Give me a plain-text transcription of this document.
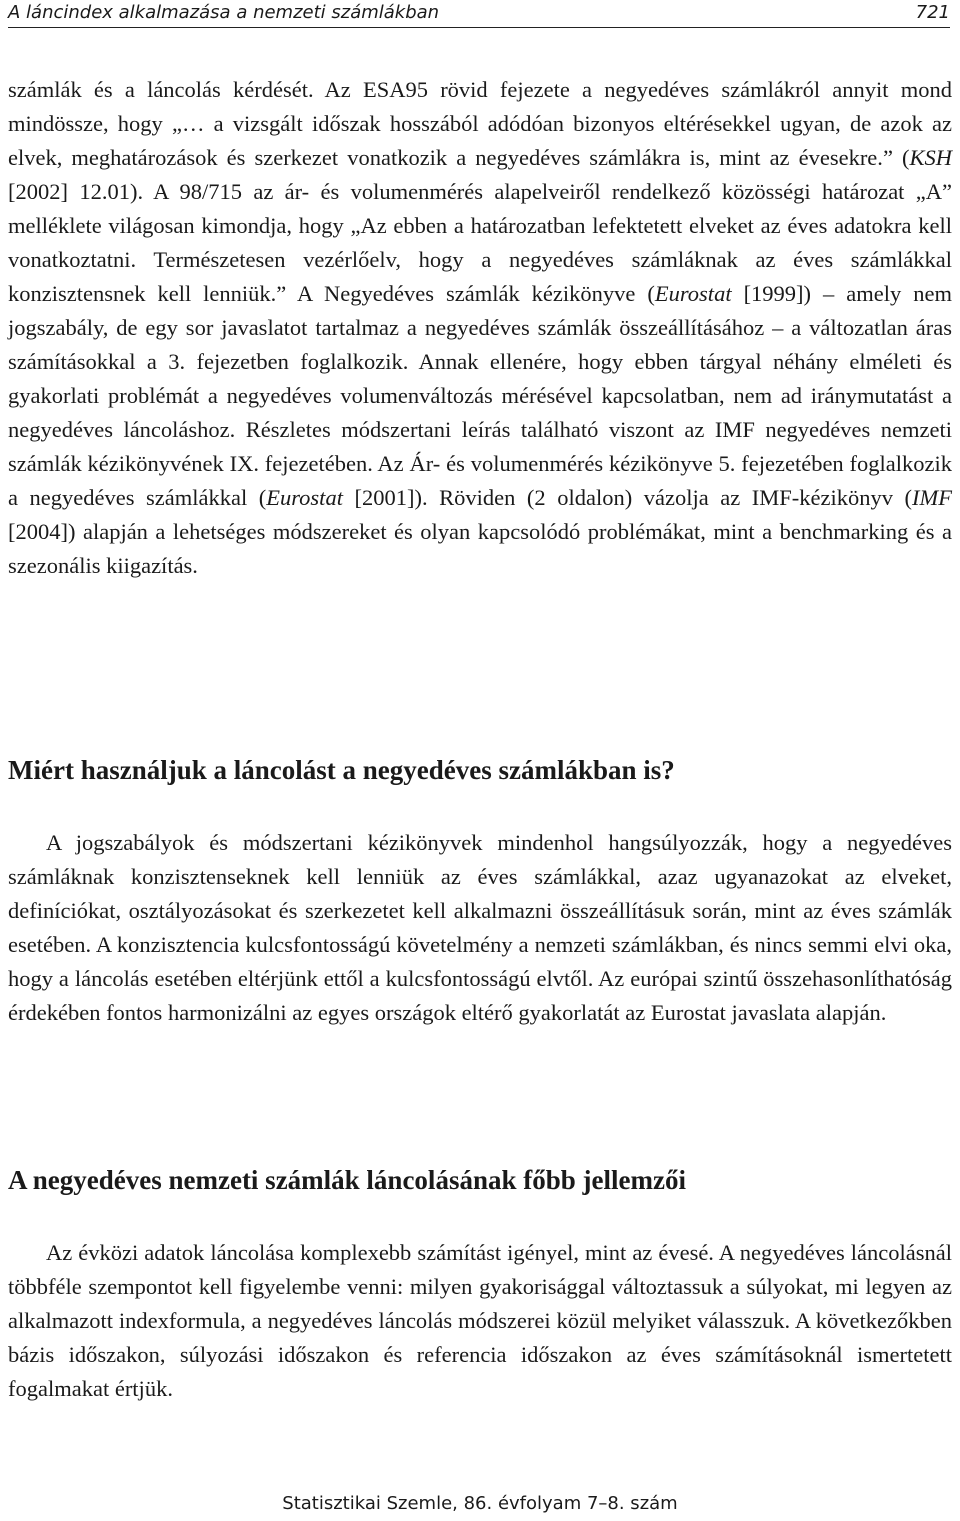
A láncindex alkalmazása a nemzeti számlákban	721

számlák és a láncolás kérdését. Az ESA95 rövid fejezete a negyedéves számlákról annyit mond mindössze, hogy „… a vizsgált időszak hosszából adódóan bizonyos eltérésekkel ugyan, de azok az elvek, meghatározások és szerkezet vonatkozik a negyedéves számlákra is, mint az évesekre.” (KSH [2002] 12.01). A 98/715 az ár- és volumenmérés alapelveiről rendelkező közösségi határozat „A” melléklete világosan kimondja, hogy „Az ebben a határozatban lefektetett elveket az éves adatokra kell vonatkoztatni. Természetesen vezérlőelv, hogy a negyedéves számláknak az éves számlákkal konzisztensnek kell lenniük.” A Negyedéves számlák kézikönyve (Eurostat [1999]) – amely nem jogszabály, de egy sor javaslatot tartalmaz a negyedéves számlák összeállításához – a változatlan áras számításokkal a 3. fejezetben foglalkozik. Annak ellenére, hogy ebben tárgyal néhány elméleti és gyakorlati problémát a negyedéves volumenváltozás mérésével kapcsolatban, nem ad iránymutatást a negyedéves láncoláshoz. Részletes módszertani leírás található viszont az IMF negyedéves nemzeti számlák kézikönyvének IX. fejezetében. Az Ár- és volumenmérés kézikönyve 5. fejezetében foglalkozik a negyedéves számlákkal (Eurostat [2001]). Röviden (2 oldalon) vázolja az IMF-kézikönyv (IMF [2004]) alapján a lehetséges módszereket és olyan kapcsolódó problémákat, mint a benchmarking és a szezonális kiigazítás.

Miért használjuk a láncolást a negyedéves számlákban is?

A jogszabályok és módszertani kézikönyvek mindenhol hangsúlyozzák, hogy a negyedéves számláknak konzisztenseknek kell lenniük az éves számlákkal, azaz ugyanazokat az elveket, definíciókat, osztályozásokat és szerkezetet kell alkalmazni összeállításuk során, mint az éves számlák esetében. A konzisztencia kulcsfontosságú követelmény a nemzeti számlákban, és nincs semmi elvi oka, hogy a láncolás esetében eltérjünk ettől a kulcsfontosságú elvtől. Az európai szintű összehasonlíthatóság érdekében fontos harmonizálni az egyes országok eltérő gyakorlatát az Eurostat javaslata alapján.

A negyedéves nemzeti számlák láncolásának főbb jellemzői

Az évközi adatok láncolása komplexebb számítást igényel, mint az évesé. A negyedéves láncolásnál többféle szempontot kell figyelembe venni: milyen gyakorisággal változtassuk a súlyokat, mi legyen az alkalmazott indexformula, a negyedéves láncolás módszerei közül melyiket válasszuk. A következőkben bázis időszakon, súlyozási időszakon és referencia időszakon az éves számításoknál ismertetett fogalmakat értjük.

Statisztikai Szemle, 86. évfolyam 7–8. szám
